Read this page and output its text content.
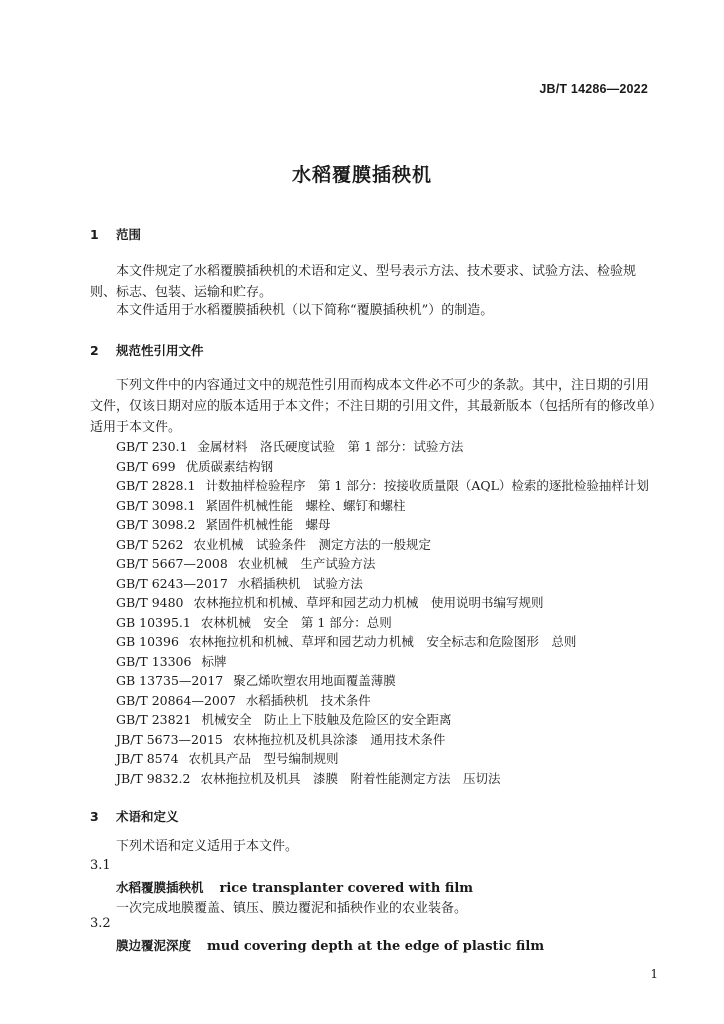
JB/T 14286—2022
水稻覆膜插秧机
1 范围
本文件规定了水稻覆膜插秧机的术语和定义、型号表示方法、技术要求、试验方法、检验规则、标志、包装、运输和贮存。
本文件适用于水稻覆膜插秧机（以下简称“覆膜插秧机”）的制造。
2 规范性引用文件
下列文件中的内容通过文中的规范性引用而构成本文件必不可少的条款。其中，注日期的引用文件，仅该日期对应的版本适用于本文件；不注日期的引用文件，其最新版本（包括所有的修改单）适用于本文件。
GB/T 230.1 金属材料　洛氏硬度试验　第 1 部分：试验方法
GB/T 699 优质碳素结构钢
GB/T 2828.1 计数抽样检验程序　第 1 部分：按接收质量限（AQL）检索的逐批检验抽样计划
GB/T 3098.1 紧固件机械性能　螺栓、螺钉和螺柱
GB/T 3098.2 紧固件机械性能　螺母
GB/T 5262 农业机械　试验条件　测定方法的一般规定
GB/T 5667—2008 农业机械　生产试验方法
GB/T 6243—2017 水稻插秧机　试验方法
GB/T 9480 农林拖拉机和机械、草坪和园艺动力机械　使用说明书编写规则
GB 10395.1 农林机械　安全　第 1 部分：总则
GB 10396 农林拖拉机和机械、草坪和园艺动力机械　安全标志和危险图形　总则
GB/T 13306 标牌
GB 13735—2017 聚乙烯吹塑农用地面覆盖薄膜
GB/T 20864—2007 水稻插秧机　技术条件
GB/T 23821 机械安全　防止上下肢触及危险区的安全距离
JB/T 5673—2015 农林拖拉机及机具涂漆　通用技术条件
JB/T 8574 农机具产品　型号编制规则
JB/T 9832.2 农林拖拉机及机具　漆膜　附着性能测定方法　压切法
3 术语和定义
下列术语和定义适用于本文件。
3.1
水稻覆膜插秧机 rice transplanter covered with film
一次完成地膜覆盖、镇压、膜边覆泥和插秧作业的农业装备。
3.2
膜边覆泥深度 mud covering depth at the edge of plastic film
1
